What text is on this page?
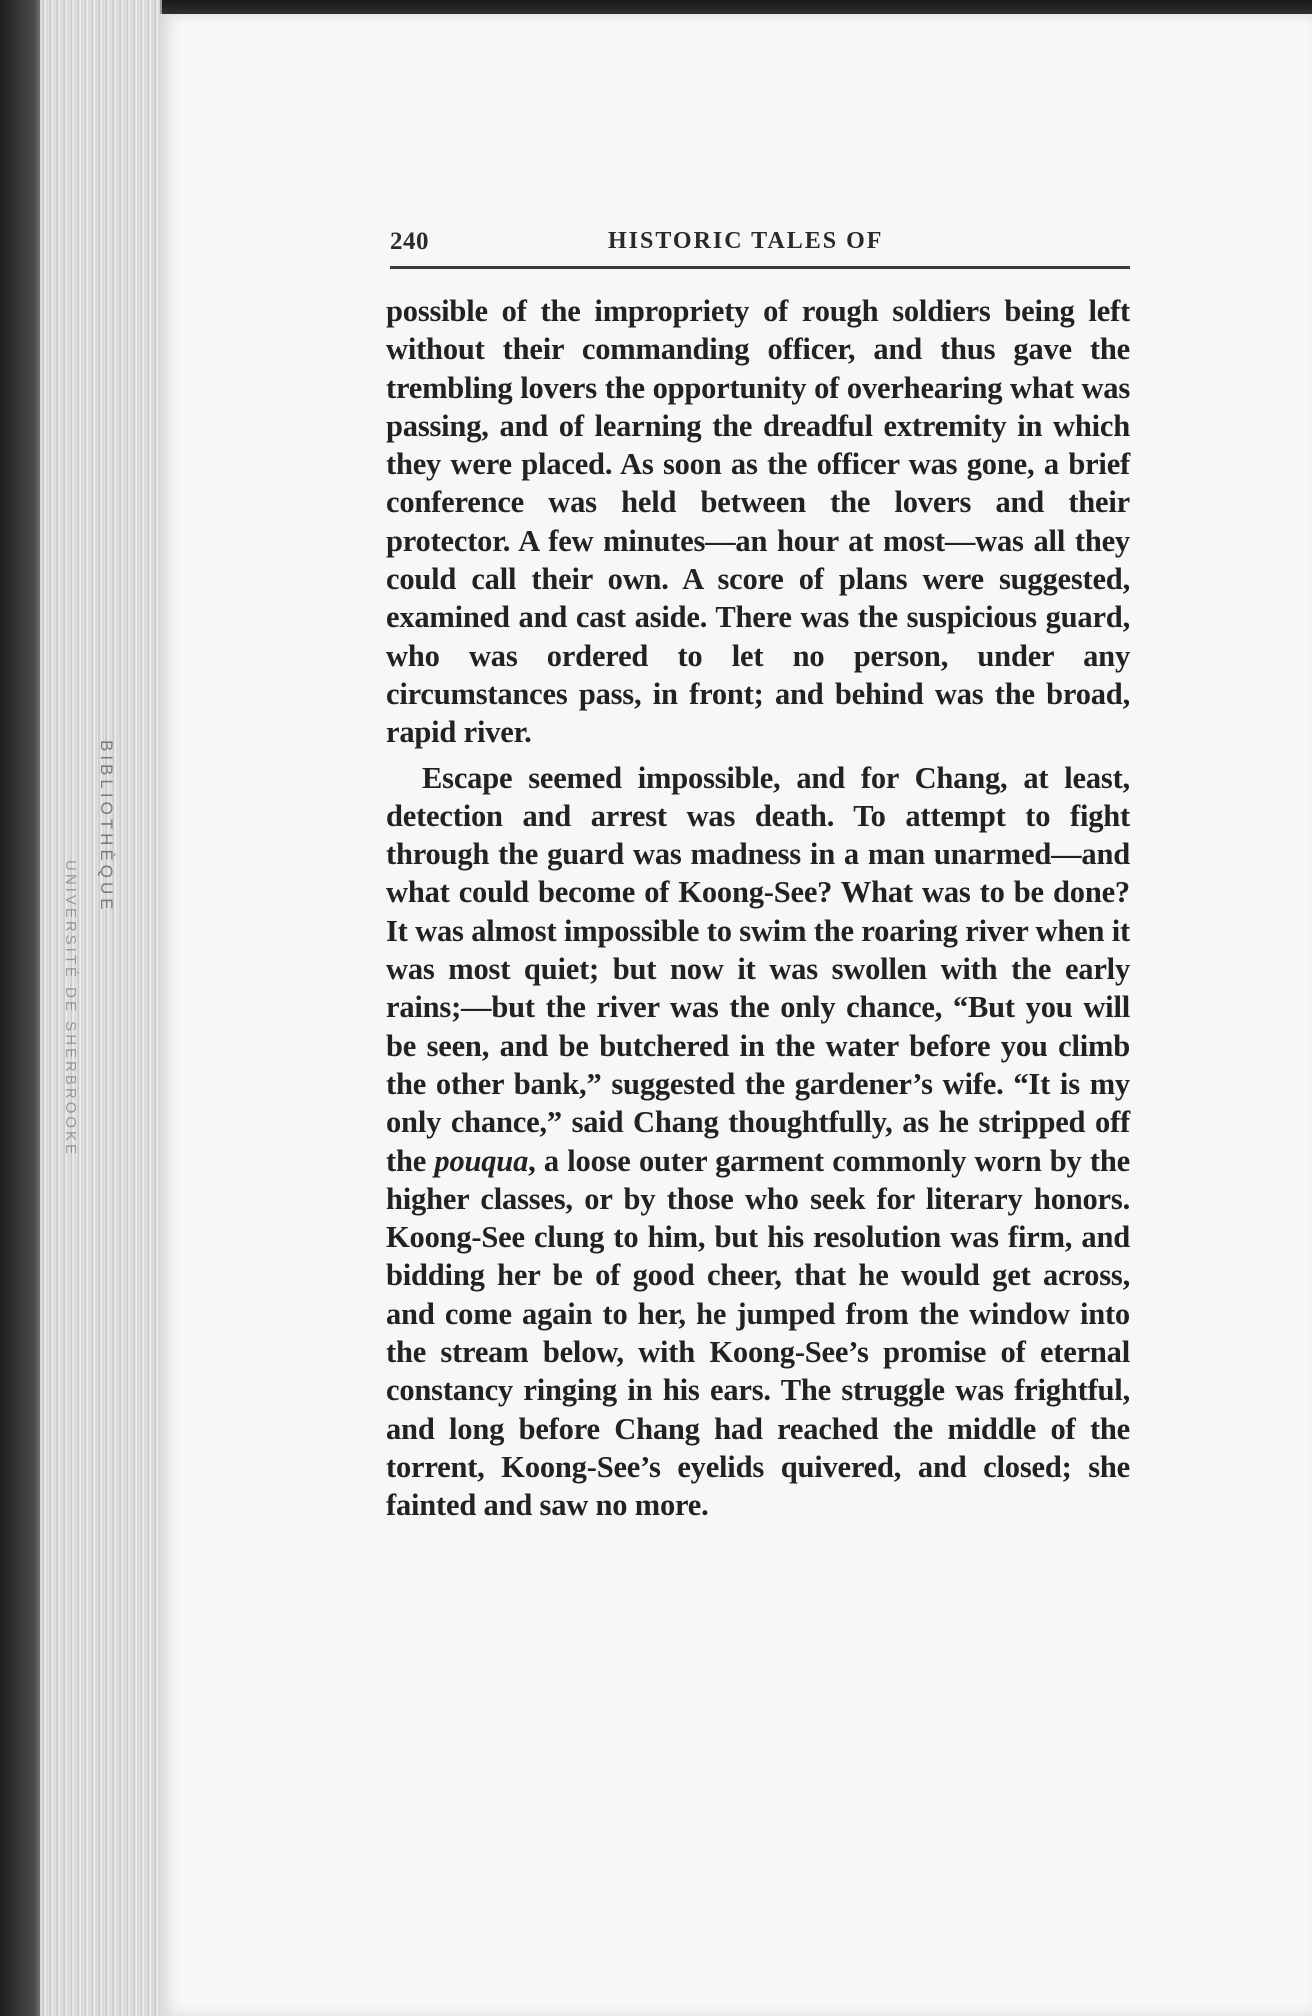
BIBLIOTHÈQUE
UNIVERSITÉ DE SHERBROOKE
240	HISTORIC TALES OF

possible of the impropriety of rough soldiers being left without their commanding officer, and thus gave the trembling lovers the opportunity of overhearing what was passing, and of learning the dreadful extremity in which they were placed. As soon as the officer was gone, a brief conference was held between the lovers and their protector. A few minutes—an hour at most—was all they could call their own. A score of plans were suggested, examined and cast aside. There was the suspicious guard, who was ordered to let no person, under any circumstances pass, in front; and behind was the broad, rapid river.

Escape seemed impossible, and for Chang, at least, detection and arrest was death. To attempt to fight through the guard was madness in a man unarmed—and what could become of Koong-See? What was to be done? It was almost impossible to swim the roaring river when it was most quiet; but now it was swollen with the early rains;—but the river was the only chance, “But you will be seen, and be butchered in the water before you climb the other bank,” suggested the gardener’s wife. “It is my only chance,” said Chang thoughtfully, as he stripped off the pouqua, a loose outer garment commonly worn by the higher classes, or by those who seek for literary honors. Koong-See clung to him, but his resolution was firm, and bidding her be of good cheer, that he would get across, and come again to her, he jumped from the window into the stream below, with Koong-See’s promise of eternal constancy ringing in his ears. The struggle was frightful, and long before Chang had reached the middle of the torrent, Koong-See’s eyelids quivered, and closed; she fainted and saw no more.
